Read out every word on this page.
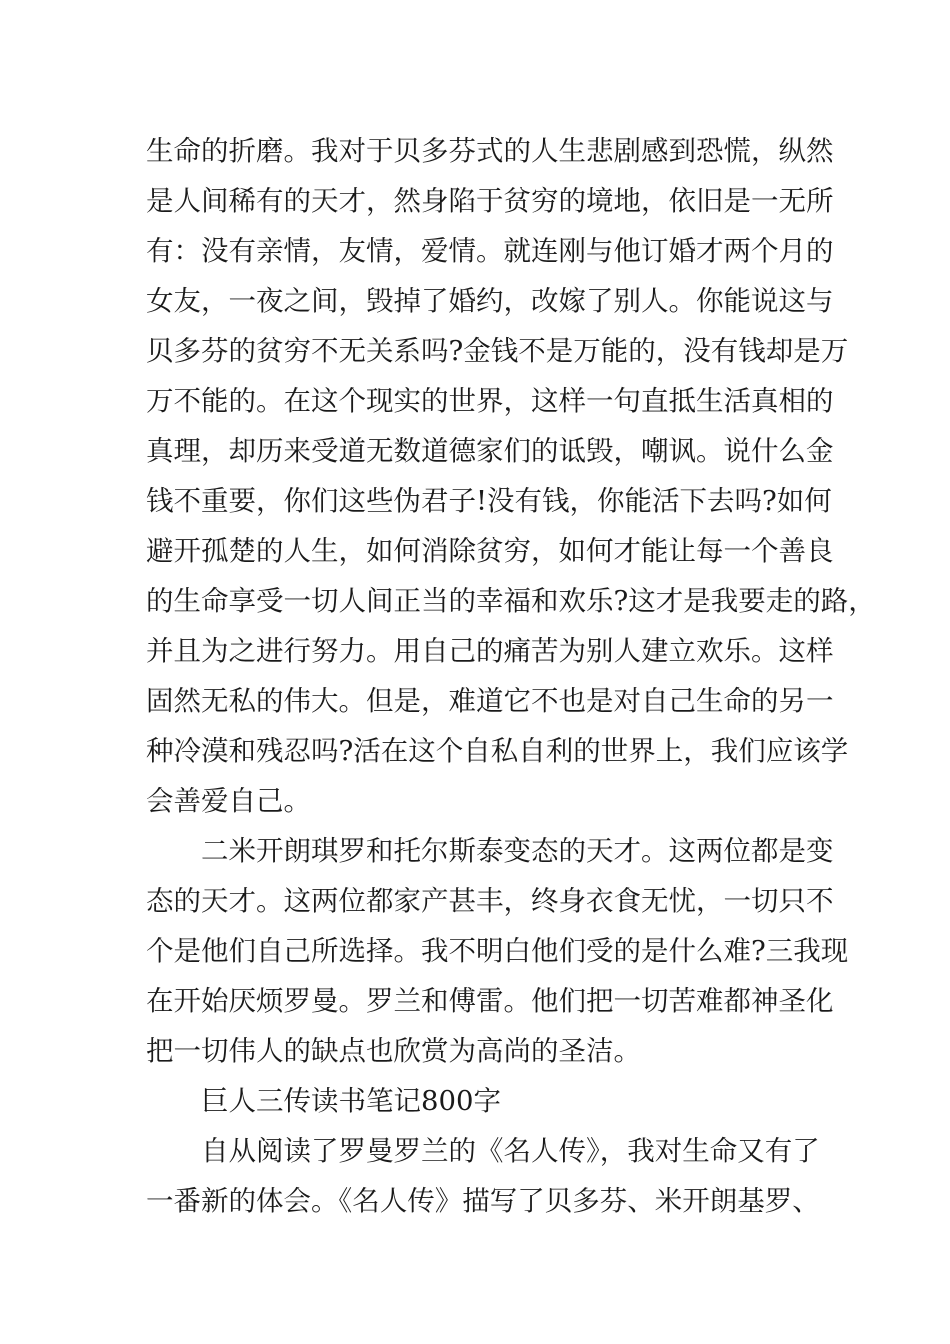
生命的折磨。我对于贝多芬式的人生悲剧感到恐慌，纵然
是人间稀有的天才，然身陷于贫穷的境地，依旧是一无所
有：没有亲情，友情，爱情。就连刚与他订婚才两个月的
女友，一夜之间，毁掉了婚约，改嫁了别人。你能说这与
贝多芬的贫穷不无关系吗?金钱不是万能的，没有钱却是万
万不能的。在这个现实的世界，这样一句直抵生活真相的
真理，却历来受道无数道德家们的诋毁，嘲讽。说什么金
钱不重要，你们这些伪君子!没有钱，你能活下去吗?如何
避开孤楚的人生，如何消除贫穷，如何才能让每一个善良
的生命享受一切人间正当的幸福和欢乐?这才是我要走的路，
并且为之进行努力。用自己的痛苦为别人建立欢乐。这样
固然无私的伟大。但是，难道它不也是对自己生命的另一
种冷漠和残忍吗?活在这个自私自利的世界上，我们应该学
会善爱自己。
二米开朗琪罗和托尔斯泰变态的天才。这两位都是变
态的天才。这两位都家产甚丰，终身衣食无忧，一切只不
个是他们自己所选择。我不明白他们受的是什么难?三我现
在开始厌烦罗曼。罗兰和傅雷。他们把一切苦难都神圣化
把一切伟人的缺点也欣赏为高尚的圣洁。
巨人三传读书笔记800字
自从阅读了罗曼罗兰的《名人传》，我对生命又有了
一番新的体会。《名人传》描写了贝多芬、米开朗基罗、
